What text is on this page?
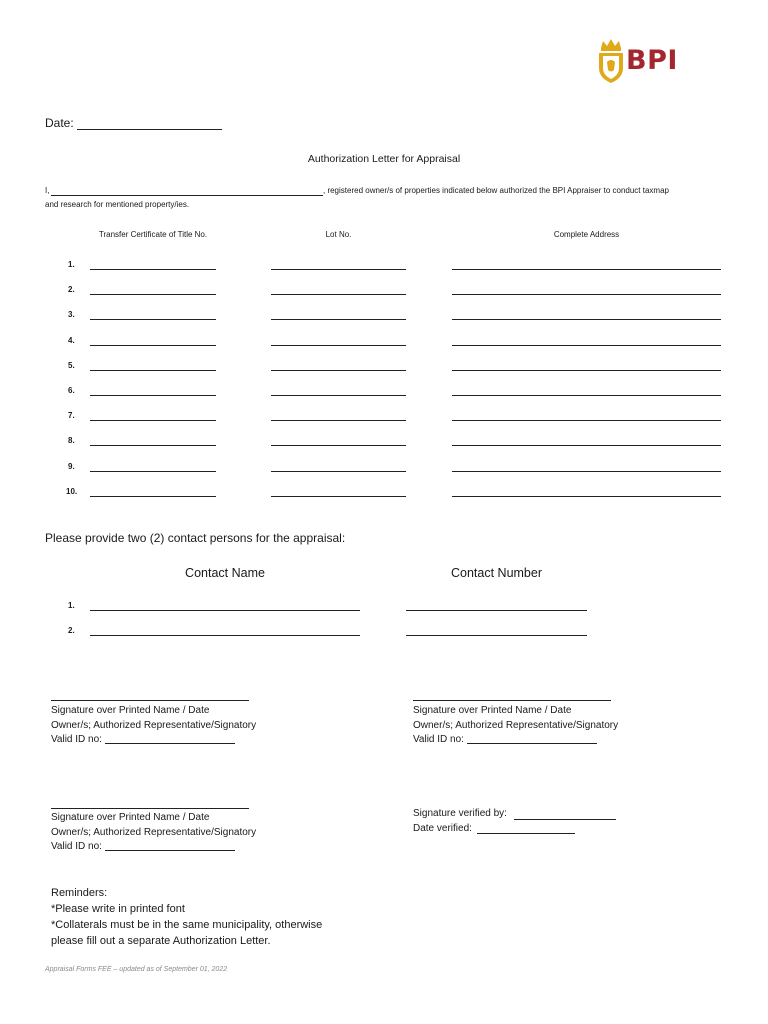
BPI
Date:
Authorization Letter for Appraisal
I,	, registered owner/s of properties indicated below authorized the BPI Appraiser to conduct taxmap
and research for mentioned property/ies.
Transfer Certificate of Title No.	Lot No.	Complete Address
1.
2.
3.
4.
5.
6.
7.
8.
9.
10.
Please provide two (2) contact persons for the appraisal:
Contact Name	Contact Number
1.
2.
Signature over Printed Name / Date
Owner/s; Authorized Representative/Signatory
Valid ID no:
Signature over Printed Name / Date
Owner/s; Authorized Representative/Signatory
Valid ID no:
Signature over Printed Name / Date
Owner/s; Authorized Representative/Signatory
Valid ID no:
Signature verified by:
Date verified:
Reminders:
*Please write in printed font
*Collaterals must be in the same municipality, otherwise
please fill out a separate Authorization Letter.
Appraisal Forms FEE – updated as of September 01, 2022
